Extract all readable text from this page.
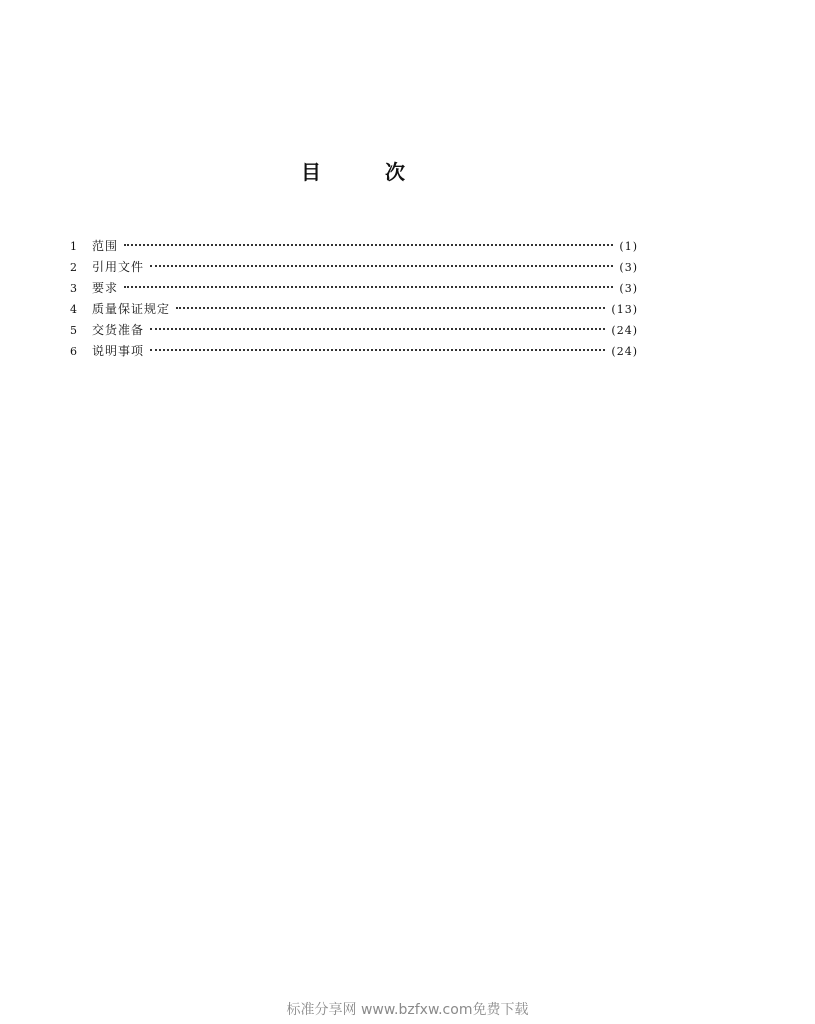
目	次
1	范围	(1)
2	引用文件	(3)
3	要求	(3)
4	质量保证规定	(13)
5	交货准备	(24)
6	说明事项	(24)
标准分享网 www.bzfxw.com免费下载
